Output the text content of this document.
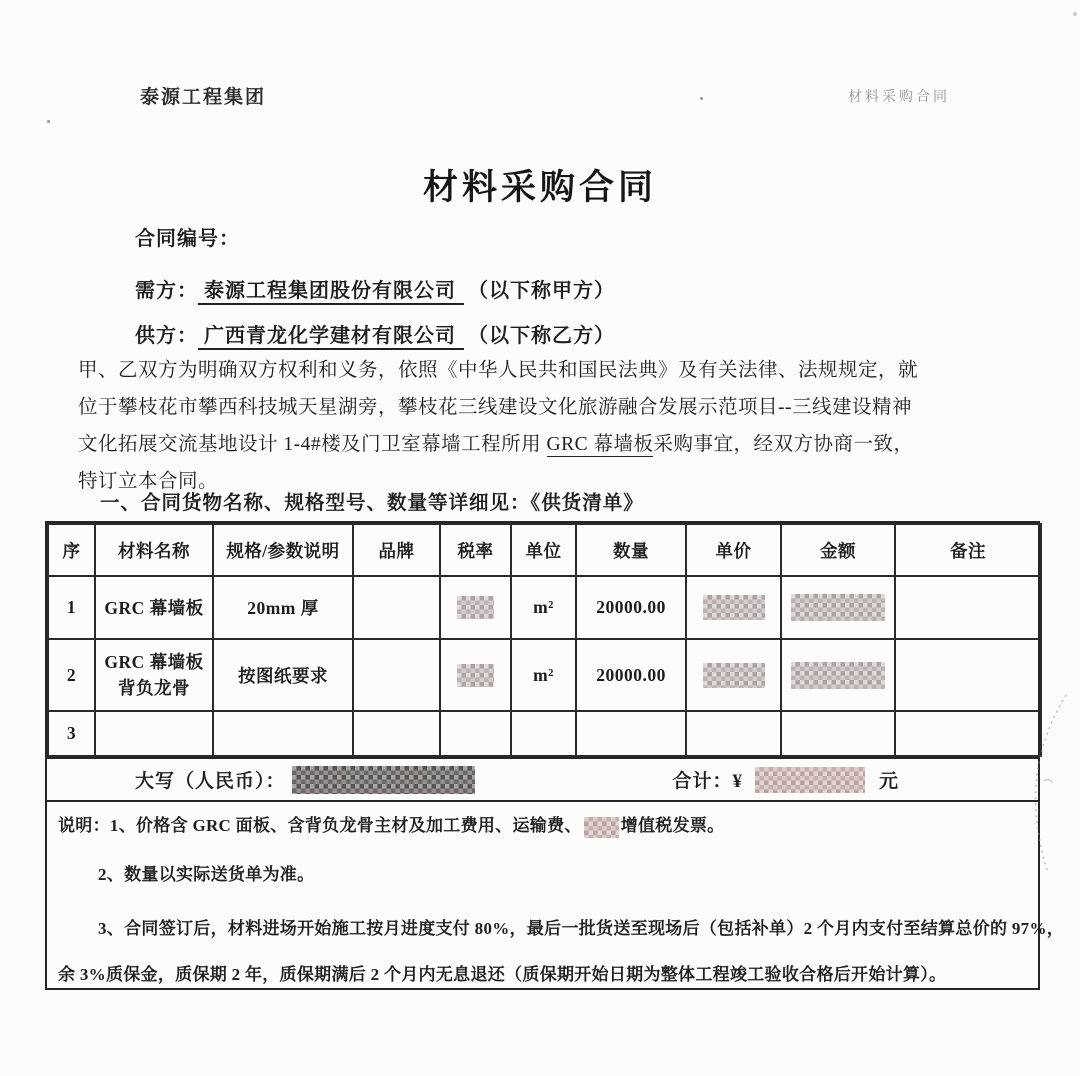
泰源工程集团	材料采购合同
材料采购合同
合同编号：
需方： 泰源工程集团股份有限公司 （以下称甲方）
供方： 广西青龙化学建材有限公司 （以下称乙方）
甲、乙双方为明确双方权利和义务，依照《中华人民共和国民法典》及有关法律、法规规定，就
位于攀枝花市攀西科技城天星湖旁，攀枝花三线建设文化旅游融合发展示范项目--三线建设精神
文化拓展交流基地设计 1-4#楼及门卫室幕墙工程所用 GRC 幕墙板采购事宜，经双方协商一致，
特订立本合同。
一、合同货物名称、规格型号、数量等详细见：《供货清单》
序	材料名称	规格/参数说明	品牌	税率	单位	数量	单价	金额	备注
1	GRC 幕墙板	20mm 厚			m²	20000.00			
2	GRC 幕墙板
背负龙骨	按图纸要求			m²	20000.00			
3									
大写（人民币）：	合计：¥	元
说明：1、价格含 GRC 面板、含背负龙骨主材及加工费用、运输费、 增值税发票。
2、数量以实际送货单为准。
3、合同签订后，材料进场开始施工按月进度支付 80%，最后一批货送至现场后（包括补单）2 个月内支付至结算总价的 97%，
余 3%质保金，质保期 2 年，质保期满后 2 个月内无息退还（质保期开始日期为整体工程竣工验收合格后开始计算）。
